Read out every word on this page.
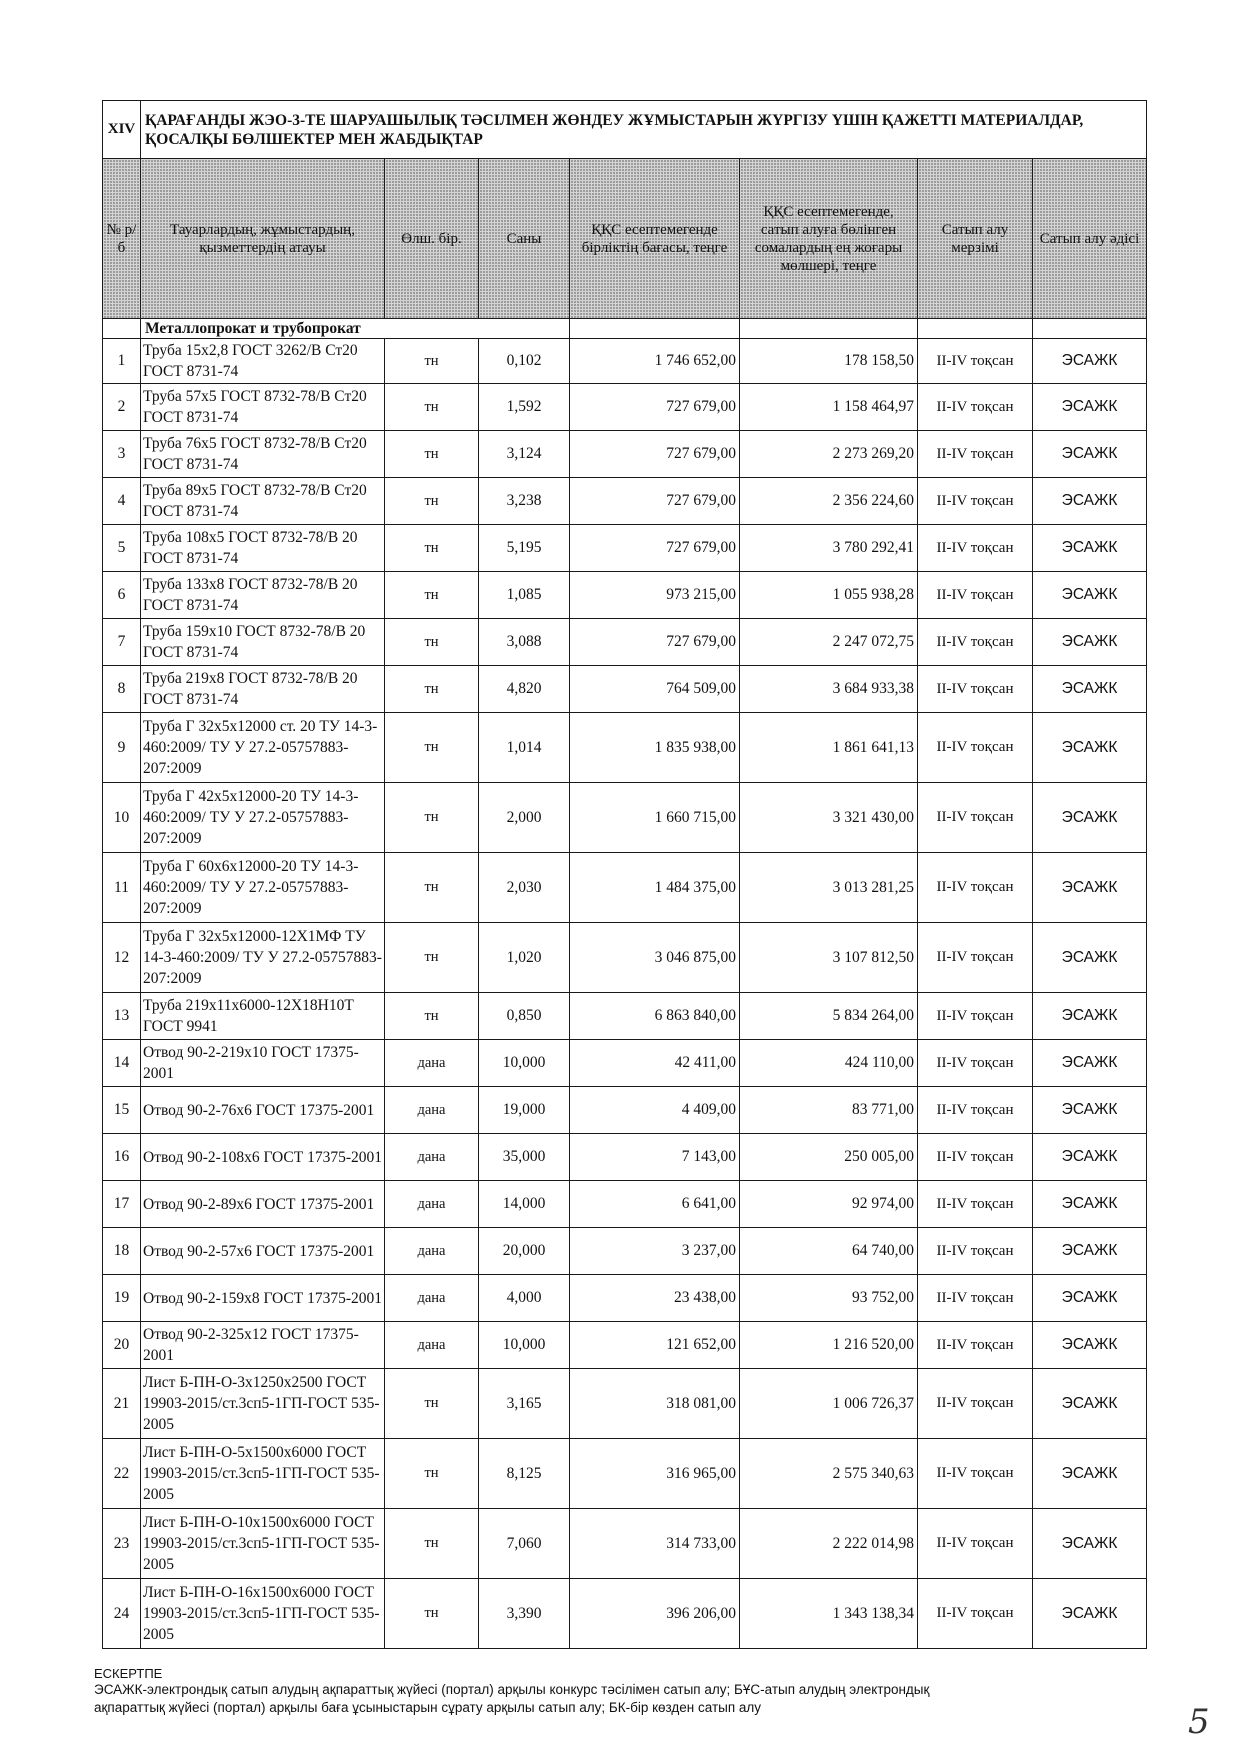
XIV	ҚАРАҒАНДЫ ЖЭО-3-ТЕ ШАРУАШЫЛЫҚ ТӘСІЛМЕН ЖӨНДЕУ ЖҰМЫСТАРЫН ЖҮРГІЗУ ҮШІН ҚАЖЕТТІ МАТЕРИАЛДАР, ҚОСАЛҚЫ БӨЛШЕКТЕР МЕН ЖАБДЫҚТАР						
№ р/б	Тауарлардың, жұмыстардың, қызметтердің атауы	Өлш. бір.	Саны	ҚҚС есептемегенде бірліктің бағасы, теңге	ҚҚС есептемегенде, сатып алуға бөлінген сомалардың ең жоғары мөлшері, теңге	Сатып алу мерзімі	Сатып алу әдісі
	Металлопрокат и трубопрокат						
1	Труба 15х2,8 ГОСТ 3262/В Ст20 ГОСТ 8731-74	тн	0,102	1 746 652,00	178 158,50	II-IV тоқсан	ЭСАЖК
2	Труба 57х5 ГОСТ 8732-78/В Ст20 ГОСТ 8731-74	тн	1,592	727 679,00	1 158 464,97	II-IV тоқсан	ЭСАЖК
3	Труба 76х5 ГОСТ 8732-78/В Ст20 ГОСТ 8731-74	тн	3,124	727 679,00	2 273 269,20	II-IV тоқсан	ЭСАЖК
4	Труба 89х5 ГОСТ 8732-78/В Ст20 ГОСТ 8731-74	тн	3,238	727 679,00	2 356 224,60	II-IV тоқсан	ЭСАЖК
5	Труба 108х5 ГОСТ 8732-78/В 20 ГОСТ 8731-74	тн	5,195	727 679,00	3 780 292,41	II-IV тоқсан	ЭСАЖК
6	Труба 133х8 ГОСТ 8732-78/В 20 ГОСТ 8731-74	тн	1,085	973 215,00	1 055 938,28	II-IV тоқсан	ЭСАЖК
7	Труба 159х10 ГОСТ 8732-78/В 20 ГОСТ 8731-74	тн	3,088	727 679,00	2 247 072,75	II-IV тоқсан	ЭСАЖК
8	Труба 219х8 ГОСТ 8732-78/В 20 ГОСТ 8731-74	тн	4,820	764 509,00	3 684 933,38	II-IV тоқсан	ЭСАЖК
9	Труба Г 32х5х12000 ст. 20 ТУ 14-3-460:2009/ ТУ У 27.2-05757883-207:2009	тн	1,014	1 835 938,00	1 861 641,13	II-IV тоқсан	ЭСАЖК
10	Труба Г 42х5х12000-20 ТУ 14-3-460:2009/ ТУ У 27.2-05757883-207:2009	тн	2,000	1 660 715,00	3 321 430,00	II-IV тоқсан	ЭСАЖК
11	Труба Г 60х6х12000-20 ТУ 14-3-460:2009/ ТУ У 27.2-05757883-207:2009	тн	2,030	1 484 375,00	3 013 281,25	II-IV тоқсан	ЭСАЖК
12	Труба Г 32х5х12000-12Х1МФ ТУ 14-3-460:2009/ ТУ У 27.2-05757883-207:2009	тн	1,020	3 046 875,00	3 107 812,50	II-IV тоқсан	ЭСАЖК
13	Труба 219х11х6000-12Х18Н10Т ГОСТ 9941	тн	0,850	6 863 840,00	5 834 264,00	II-IV тоқсан	ЭСАЖК
14	Отвод 90-2-219х10 ГОСТ 17375-2001	дана	10,000	42 411,00	424 110,00	II-IV тоқсан	ЭСАЖК
15	Отвод 90-2-76х6 ГОСТ 17375-2001	дана	19,000	4 409,00	83 771,00	II-IV тоқсан	ЭСАЖК
16	Отвод 90-2-108х6 ГОСТ 17375-2001	дана	35,000	7 143,00	250 005,00	II-IV тоқсан	ЭСАЖК
17	Отвод 90-2-89х6 ГОСТ 17375-2001	дана	14,000	6 641,00	92 974,00	II-IV тоқсан	ЭСАЖК
18	Отвод 90-2-57х6 ГОСТ 17375-2001	дана	20,000	3 237,00	64 740,00	II-IV тоқсан	ЭСАЖК
19	Отвод 90-2-159х8 ГОСТ 17375-2001	дана	4,000	23 438,00	93 752,00	II-IV тоқсан	ЭСАЖК
20	Отвод 90-2-325х12 ГОСТ 17375-2001	дана	10,000	121 652,00	1 216 520,00	II-IV тоқсан	ЭСАЖК
21	Лист Б-ПН-О-3х1250х2500 ГОСТ 19903-2015/ст.3сп5-1ГП-ГОСТ 535-2005	тн	3,165	318 081,00	1 006 726,37	II-IV тоқсан	ЭСАЖК
22	Лист Б-ПН-О-5х1500х6000 ГОСТ 19903-2015/ст.3сп5-1ГП-ГОСТ 535-2005	тн	8,125	316 965,00	2 575 340,63	II-IV тоқсан	ЭСАЖК
23	Лист Б-ПН-О-10х1500х6000 ГОСТ 19903-2015/ст.3сп5-1ГП-ГОСТ 535-2005	тн	7,060	314 733,00	2 222 014,98	II-IV тоқсан	ЭСАЖК
24	Лист Б-ПН-О-16х1500х6000 ГОСТ 19903-2015/ст.3сп5-1ГП-ГОСТ 535-2005	тн	3,390	396 206,00	1 343 138,34	II-IV тоқсан	ЭСАЖК
ЕСКЕРТПЕ
ЭСАЖК-электрондық сатып алудың ақпараттық жүйесі (портал) арқылы конкурс тәсілімен сатып алу; БҰС-атып алудың электрондық
ақпараттық жүйесі (портал) арқылы баға ұсыныстарын сұрату арқылы сатып алу; БК-бір көзден сатып алу	5
